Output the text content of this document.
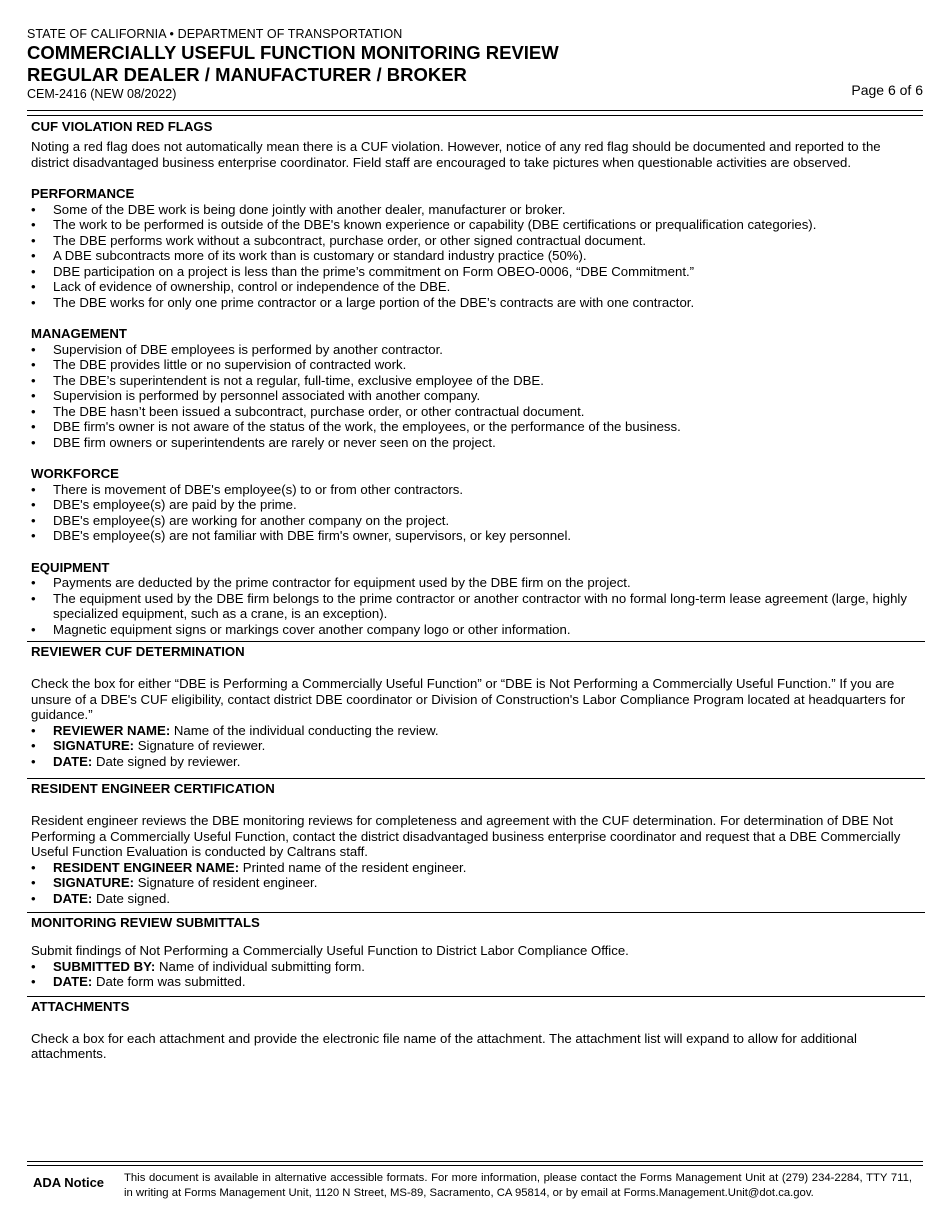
STATE OF CALIFORNIA • DEPARTMENT OF TRANSPORTATION
COMMERCIALLY USEFUL FUNCTION MONITORING REVIEW
REGULAR DEALER / MANUFACTURER / BROKER
CEM-2416 (NEW 08/2022)	Page 6 of 6
CUF VIOLATION RED FLAGS
Noting a red flag does not automatically mean there is a CUF violation. However, notice of any red flag should be documented and reported to the district disadvantaged business enterprise coordinator. Field staff are encouraged to take pictures when questionable activities are observed.
PERFORMANCE
• Some of the DBE work is being done jointly with another dealer, manufacturer or broker.
• The work to be performed is outside of the DBE's known experience or capability (DBE certifications or prequalification categories).
• The DBE performs work without a subcontract, purchase order, or other signed contractual document.
• A DBE subcontracts more of its work than is customary or standard industry practice (50%).
• DBE participation on a project is less than the prime’s commitment on Form OBEO-0006, “DBE Commitment.”
• Lack of evidence of ownership, control or independence of the DBE.
• The DBE works for only one prime contractor or a large portion of the DBE’s contracts are with one contractor.
MANAGEMENT
• Supervision of DBE employees is performed by another contractor.
• The DBE provides little or no supervision of contracted work.
• The DBE’s superintendent is not a regular, full-time, exclusive employee of the DBE.
• Supervision is performed by personnel associated with another company.
• The DBE hasn’t been issued a subcontract, purchase order, or other contractual document.
• DBE firm's owner is not aware of the status of the work, the employees, or the performance of the business.
• DBE firm owners or superintendents are rarely or never seen on the project.
WORKFORCE
• There is movement of DBE's employee(s) to or from other contractors.
• DBE's employee(s) are paid by the prime.
• DBE's employee(s) are working for another company on the project.
• DBE's employee(s) are not familiar with DBE firm's owner, supervisors, or key personnel.
EQUIPMENT
• Payments are deducted by the prime contractor for equipment used by the DBE firm on the project.
• The equipment used by the DBE firm belongs to the prime contractor or another contractor with no formal long-term lease agreement (large, highly specialized equipment, such as a crane, is an exception).
• Magnetic equipment signs or markings cover another company logo or other information.
REVIEWER CUF DETERMINATION
Check the box for either “DBE is Performing a Commercially Useful Function” or “DBE is Not Performing a Commercially Useful Function.” If you are unsure of a DBE's CUF eligibility, contact district DBE coordinator or Division of Construction's Labor Compliance Program located at headquarters for guidance.”
• REVIEWER NAME: Name of the individual conducting the review.
• SIGNATURE: Signature of reviewer.
• DATE: Date signed by reviewer.
RESIDENT ENGINEER CERTIFICATION
Resident engineer reviews the DBE monitoring reviews for completeness and agreement with the CUF determination. For determination of DBE Not Performing a Commercially Useful Function, contact the district disadvantaged business enterprise coordinator and request that a DBE Commercially Useful Function Evaluation is conducted by Caltrans staff.
• RESIDENT ENGINEER NAME: Printed name of the resident engineer.
• SIGNATURE: Signature of resident engineer.
• DATE: Date signed.
MONITORING REVIEW SUBMITTALS
Submit findings of Not Performing a Commercially Useful Function to District Labor Compliance Office.
• SUBMITTED BY: Name of individual submitting form.
• DATE: Date form was submitted.
ATTACHMENTS
Check a box for each attachment and provide the electronic file name of the attachment. The attachment list will expand to allow for additional attachments.
ADA Notice This document is available in alternative accessible formats. For more information, please contact the Forms Management Unit at (279) 234-2284, TTY 711, in writing at Forms Management Unit, 1120 N Street, MS-89, Sacramento, CA 95814, or by email at Forms.Management.Unit@dot.ca.gov.
